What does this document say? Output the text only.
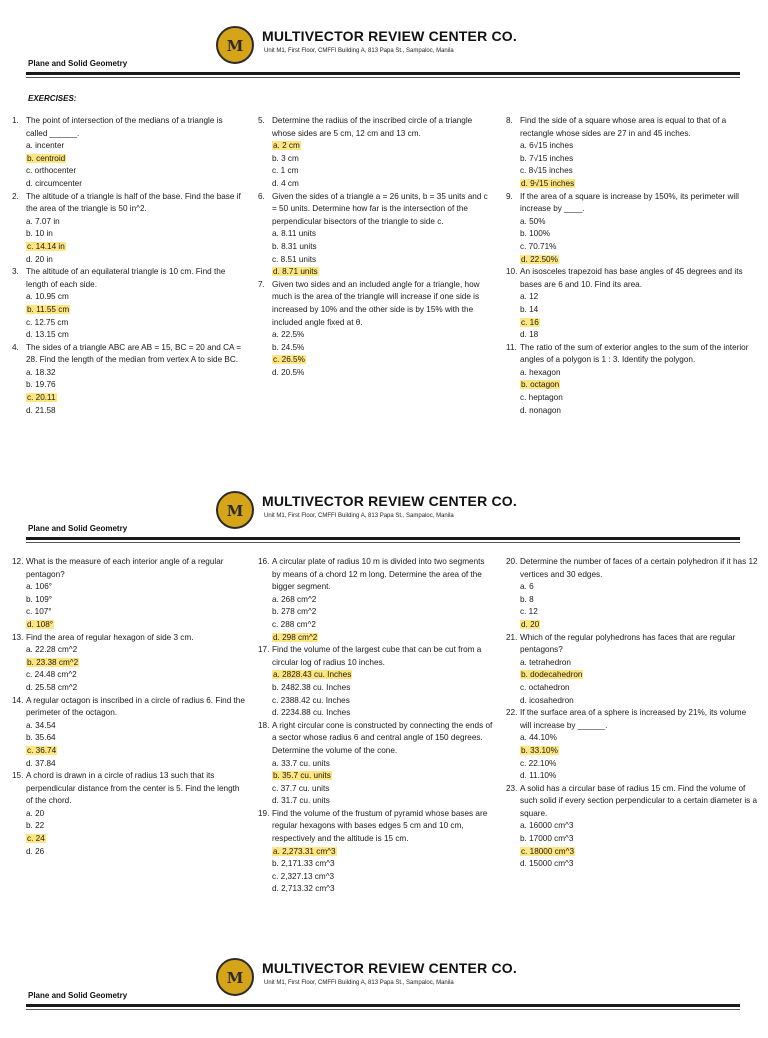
M
MULTIVECTOR REVIEW CENTER CO.
Unit M1, First Floor, CMFFI Building A, 813 Papa St., Sampaloc, Manila
Plane and Solid Geometry
EXERCISES:
1. The point of intersection of the medians of a triangle is called ______.
a. incenter
b. centroid
c. orthocenter
d. circumcenter
2. The altitude of a triangle is half of the base. Find the base if the area of the triangle is 50 in^2.
a. 7.07 in
b. 10 in
c. 14.14 in
d. 20 in
3. The altitude of an equilateral triangle is 10 cm. Find the length of each side.
a. 10.95 cm
b. 11.55 cm
c. 12.75 cm
d. 13.15 cm
4. The sides of a triangle ABC are AB = 15, BC = 20 and CA = 28. Find the length of the median from vertex A to side BC.
a. 18.32
b. 19.76
c. 20.11
d. 21.58
5. Determine the radius of the inscribed circle of a triangle whose sides are 5 cm, 12 cm and 13 cm.
a. 2 cm
b. 3 cm
c. 1 cm
d. 4 cm
6. Given the sides of a triangle a = 26 units, b = 35 units and c = 50 units. Determine how far is the intersection of the perpendicular bisectors of the triangle to side c.
a. 8.11 units
b. 8.31 units
c. 8.51 units
d. 8.71 units
7. Given two sides and an included angle for a triangle, how much is the area of the triangle will increase if one side is increased by 10% and the other side is by 15% with the included angle fixed at θ.
a. 22.5%
b. 24.5%
c. 26.5%
d. 20.5%
8. Find the side of a square whose area is equal to that of a rectangle whose sides are 27 in and 45 inches.
a. 6√15 inches
b. 7√15 inches
c. 8√15 inches
d. 9√15 inches
9. If the area of a square is increase by 150%, its perimeter will increase by ____.
a. 50%
b. 100%
c. 70.71%
d. 22.50%
10. An isosceles trapezoid has base angles of 45 degrees and its bases are 6 and 10. Find its area.
a. 12
b. 14
c. 16
d. 18
11. The ratio of the sum of exterior angles to the sum of the interior angles of a polygon is 1 : 3. Identify the polygon.
a. hexagon
b. octagon
c. heptagon
d. nonagon
M
MULTIVECTOR REVIEW CENTER CO.
Unit M1, First Floor, CMFFI Building A, 813 Papa St., Sampaloc, Manila
Plane and Solid Geometry
12. What is the measure of each interior angle of a regular pentagon?
a. 106°
b. 109°
c. 107°
d. 108°
13. Find the area of regular hexagon of side 3 cm.
a. 22.28 cm^2
b. 23.38 cm^2
c. 24.48 cm^2
d. 25.58 cm^2
14. A regular octagon is inscribed in a circle of radius 6. Find the perimeter of the octagon.
a. 34.54
b. 35.64
c. 36.74
d. 37.84
15. A chord is drawn in a circle of radius 13 such that its perpendicular distance from the center is 5. Find the length of the chord.
a. 20
b. 22
c. 24
d. 26
16. A circular plate of radius 10 m is divided into two segments by means of a chord 12 m long. Determine the area of the bigger segment.
a. 268 cm^2
b. 278 cm^2
c. 288 cm^2
d. 298 cm^2
17. Find the volume of the largest cube that can be cut from a circular log of radius 10 inches.
a. 2828.43 cu. Inches
b. 2482.38 cu. Inches
c. 2388.42 cu. Inches
d. 2234.88 cu. Inches
18. A right circular cone is constructed by connecting the ends of a sector whose radius 6 and central angle of 150 degrees. Determine the volume of the cone.
a. 33.7 cu. units
b. 35.7 cu. units
c. 37.7 cu. units
d. 31.7 cu. units
19. Find the volume of the frustum of pyramid whose bases are regular hexagons with bases edges 5 cm and 10 cm, respectively and the altitude is 15 cm.
a. 2,273.31 cm^3
b. 2,171.33 cm^3
c. 2,327.13 cm^3
d. 2,713.32 cm^3
20. Determine the number of faces of a certain polyhedron if it has 12 vertices and 30 edges.
a. 6
b. 8
c. 12
d. 20
21. Which of the regular polyhedrons has faces that are regular pentagons?
a. tetrahedron
b. dodecahedron
c. octahedron
d. icosahedron
22. If the surface area of a sphere is increased by 21%, its volume will increase by ______.
a. 44.10%
b. 33.10%
c. 22.10%
d. 11.10%
23. A solid has a circular base of radius 15 cm. Find the volume of such solid if every section perpendicular to a certain diameter is a square.
a. 16000 cm^3
b. 17000 cm^3
c. 18000 cm^3
d. 15000 cm^3
M
MULTIVECTOR REVIEW CENTER CO.
Unit M1, First Floor, CMFFI Building A, 813 Papa St., Sampaloc, Manila
Plane and Solid Geometry
